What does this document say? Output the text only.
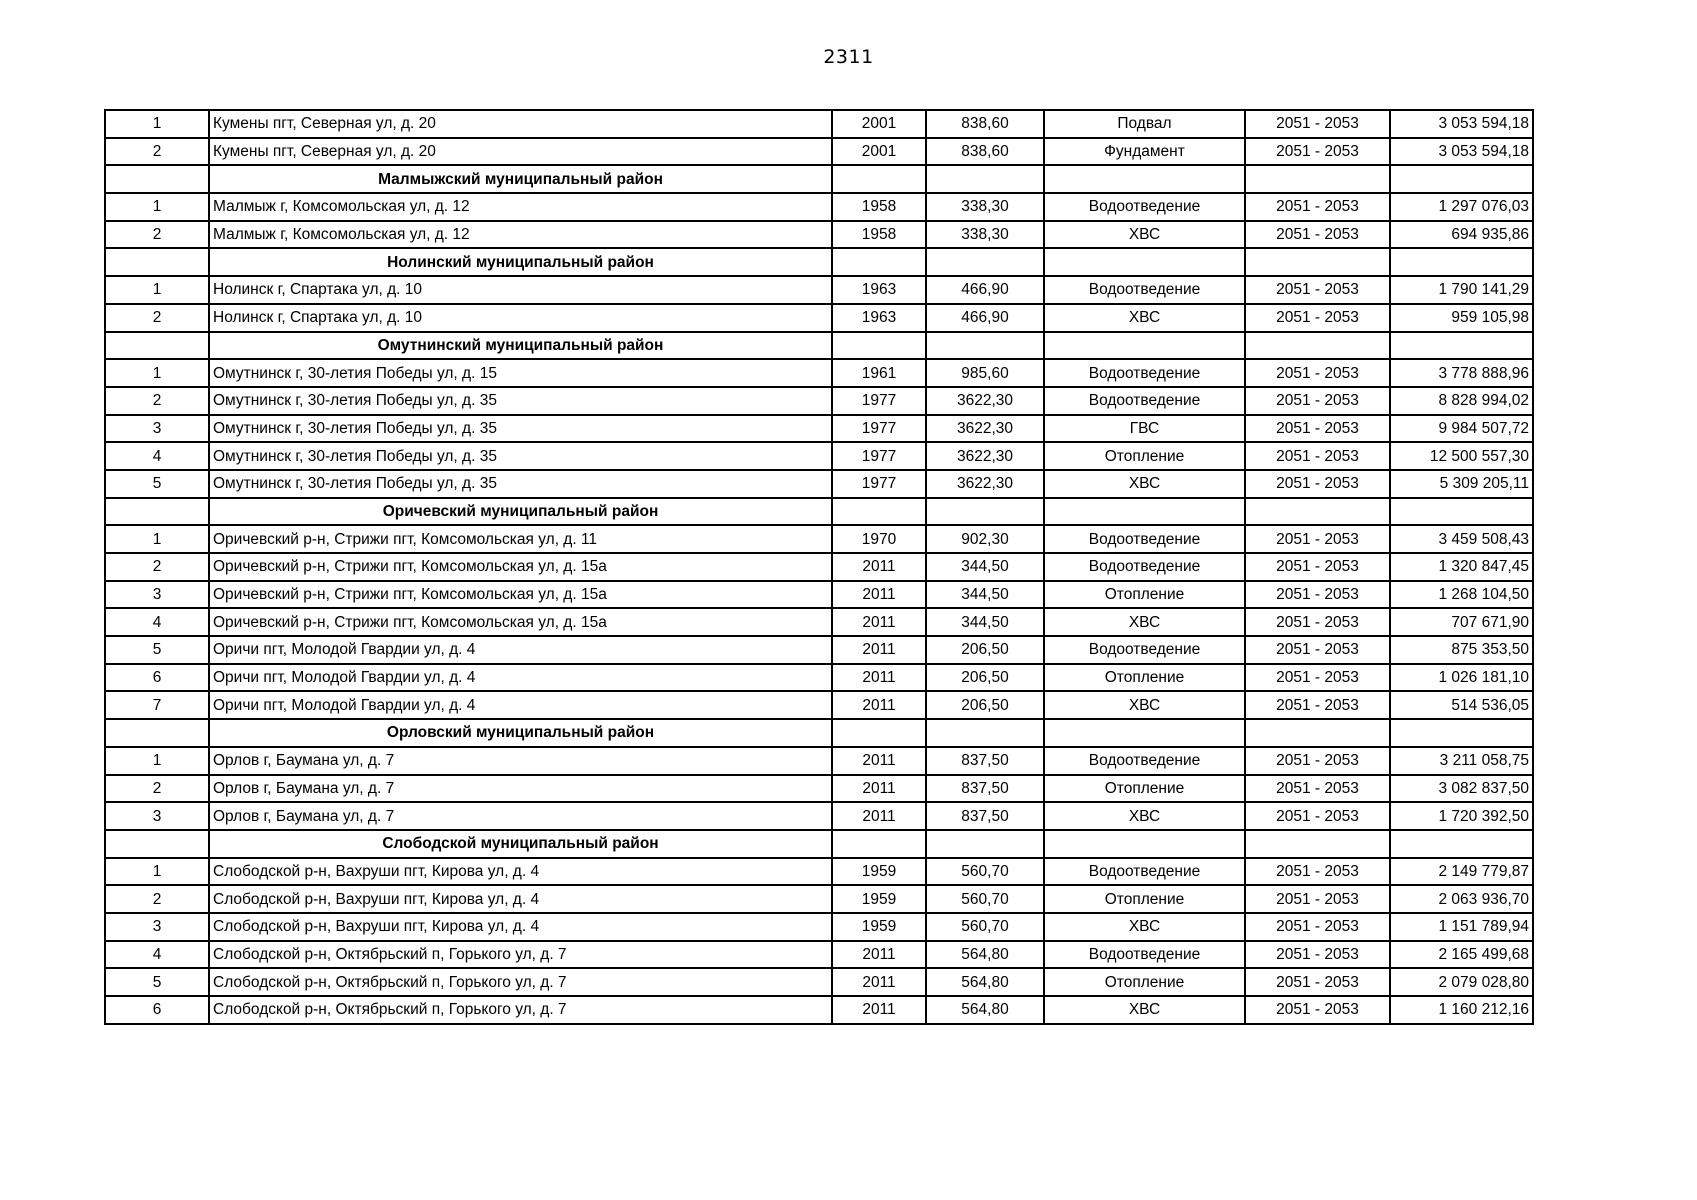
2311
1	Кумены пгт, Северная ул, д. 20	2001	838,60	Подвал	2051 - 2053	3 053 594,18
2	Кумены пгт, Северная ул, д. 20	2001	838,60	Фундамент	2051 - 2053	3 053 594,18
	Малмыжский муниципальный район					
1	Малмыж г, Комсомольская ул, д. 12	1958	338,30	Водоотведение	2051 - 2053	1 297 076,03
2	Малмыж г, Комсомольская ул, д. 12	1958	338,30	ХВС	2051 - 2053	694 935,86
	Нолинский муниципальный район					
1	Нолинск г, Спартака ул, д. 10	1963	466,90	Водоотведение	2051 - 2053	1 790 141,29
2	Нолинск г, Спартака ул, д. 10	1963	466,90	ХВС	2051 - 2053	959 105,98
	Омутнинский муниципальный район					
1	Омутнинск г, 30-летия Победы ул, д. 15	1961	985,60	Водоотведение	2051 - 2053	3 778 888,96
2	Омутнинск г, 30-летия Победы ул, д. 35	1977	3622,30	Водоотведение	2051 - 2053	8 828 994,02
3	Омутнинск г, 30-летия Победы ул, д. 35	1977	3622,30	ГВС	2051 - 2053	9 984 507,72
4	Омутнинск г, 30-летия Победы ул, д. 35	1977	3622,30	Отопление	2051 - 2053	12 500 557,30
5	Омутнинск г, 30-летия Победы ул, д. 35	1977	3622,30	ХВС	2051 - 2053	5 309 205,11
	Оричевский муниципальный район					
1	Оричевский р-н, Стрижи пгт, Комсомольская ул, д. 11	1970	902,30	Водоотведение	2051 - 2053	3 459 508,43
2	Оричевский р-н, Стрижи пгт, Комсомольская ул, д. 15а	2011	344,50	Водоотведение	2051 - 2053	1 320 847,45
3	Оричевский р-н, Стрижи пгт, Комсомольская ул, д. 15а	2011	344,50	Отопление	2051 - 2053	1 268 104,50
4	Оричевский р-н, Стрижи пгт, Комсомольская ул, д. 15а	2011	344,50	ХВС	2051 - 2053	707 671,90
5	Оричи пгт, Молодой Гвардии ул, д. 4	2011	206,50	Водоотведение	2051 - 2053	875 353,50
6	Оричи пгт, Молодой Гвардии ул, д. 4	2011	206,50	Отопление	2051 - 2053	1 026 181,10
7	Оричи пгт, Молодой Гвардии ул, д. 4	2011	206,50	ХВС	2051 - 2053	514 536,05
	Орловский муниципальный район					
1	Орлов г, Баумана ул, д. 7	2011	837,50	Водоотведение	2051 - 2053	3 211 058,75
2	Орлов г, Баумана ул, д. 7	2011	837,50	Отопление	2051 - 2053	3 082 837,50
3	Орлов г, Баумана ул, д. 7	2011	837,50	ХВС	2051 - 2053	1 720 392,50
	Слободской муниципальный район					
1	Слободской р-н, Вахруши пгт, Кирова ул, д. 4	1959	560,70	Водоотведение	2051 - 2053	2 149 779,87
2	Слободской р-н, Вахруши пгт, Кирова ул, д. 4	1959	560,70	Отопление	2051 - 2053	2 063 936,70
3	Слободской р-н, Вахруши пгт, Кирова ул, д. 4	1959	560,70	ХВС	2051 - 2053	1 151 789,94
4	Слободской р-н, Октябрьский п, Горького ул, д. 7	2011	564,80	Водоотведение	2051 - 2053	2 165 499,68
5	Слободской р-н, Октябрьский п, Горького ул, д. 7	2011	564,80	Отопление	2051 - 2053	2 079 028,80
6	Слободской р-н, Октябрьский п, Горького ул, д. 7	2011	564,80	ХВС	2051 - 2053	1 160 212,16
